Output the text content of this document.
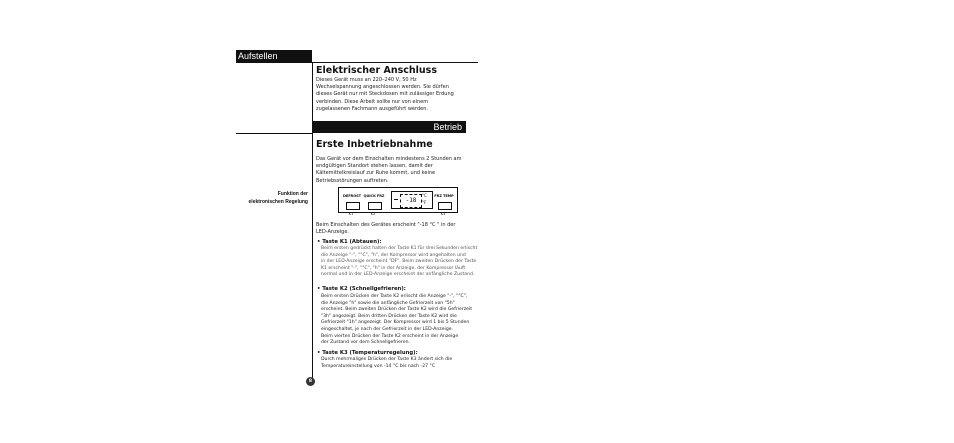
Aufstellen
Elektrischer Anschluss
Dieses Gerät muss an 220–240 V, 50 Hz
Wechselspannung angeschlossen werden. Sie dürfen
dieses Gerät nur mit Steckdosen mit zulässiger Erdung
verbinden. Diese Arbeit sollte nur von einem
zugelassenen Fachmann ausgeführt werden.
Betrieb
Erste Inbetriebnahme
Das Gerät vor dem Einschalten mindestens 2 Stunden am
endgültigen Standort stehen lassen, damit der
Kältemittelkreislauf zur Ruhe kommt, und keine
Betriebsstörungen auftreten.
Funktion der
elektronischen Regelung
DEFROST QUICK FRZ
-18
°C
°F
FRZ TEMP
K1	K2	K3
Beim Einschalten des Gerätes erscheint "-18 °C " in der
LED-Anzeige.
• Taste K1 (Abtauen):
Beim ersten gedrückt halten der Taste K1 für drei Sekunden erlischt
die Anzeige "-", "°C", "h", der Kompressor wird angehalten und
in der LED-Anzeige erscheint "DF". Beim zweiten Drücken der Taste
K1 erscheint "-", "°C", "h" in der Anzeige, der Kompressor läuft
normal und in der LED-Anzeige erscheint der anfängliche Zustand.
• Taste K2 (Schnellgefrieren):
Beim ersten Drücken der Taste K2 erlischt die Anzeige "-", "°C",
die Anzeige "h" sowie die anfängliche Gefrierzeit von "5h"
erscheint. Beim zweiten Drücken der Taste K2 wird die Gefrierzeit
"3h" angezeigt. Beim dritten Drücken der Taste K2 wird die
Gefrierzeit "1h" angezeigt. Der Kompressor wird 1 bis 5 Stunden
eingeschaltet, je nach der Gefrierzeit in der LED-Anzeige.
Beim vierten Drücken der Taste K2 erscheint in der Anzeige
der Zustand vor dem Schnellgefrieren.
• Taste K3 (Temperaturregelung):
Durch mehrmaliges Drücken der Taste K3 ändert sich die
Temperatureinstellung von -14 °C bis nach -27 °C
8
